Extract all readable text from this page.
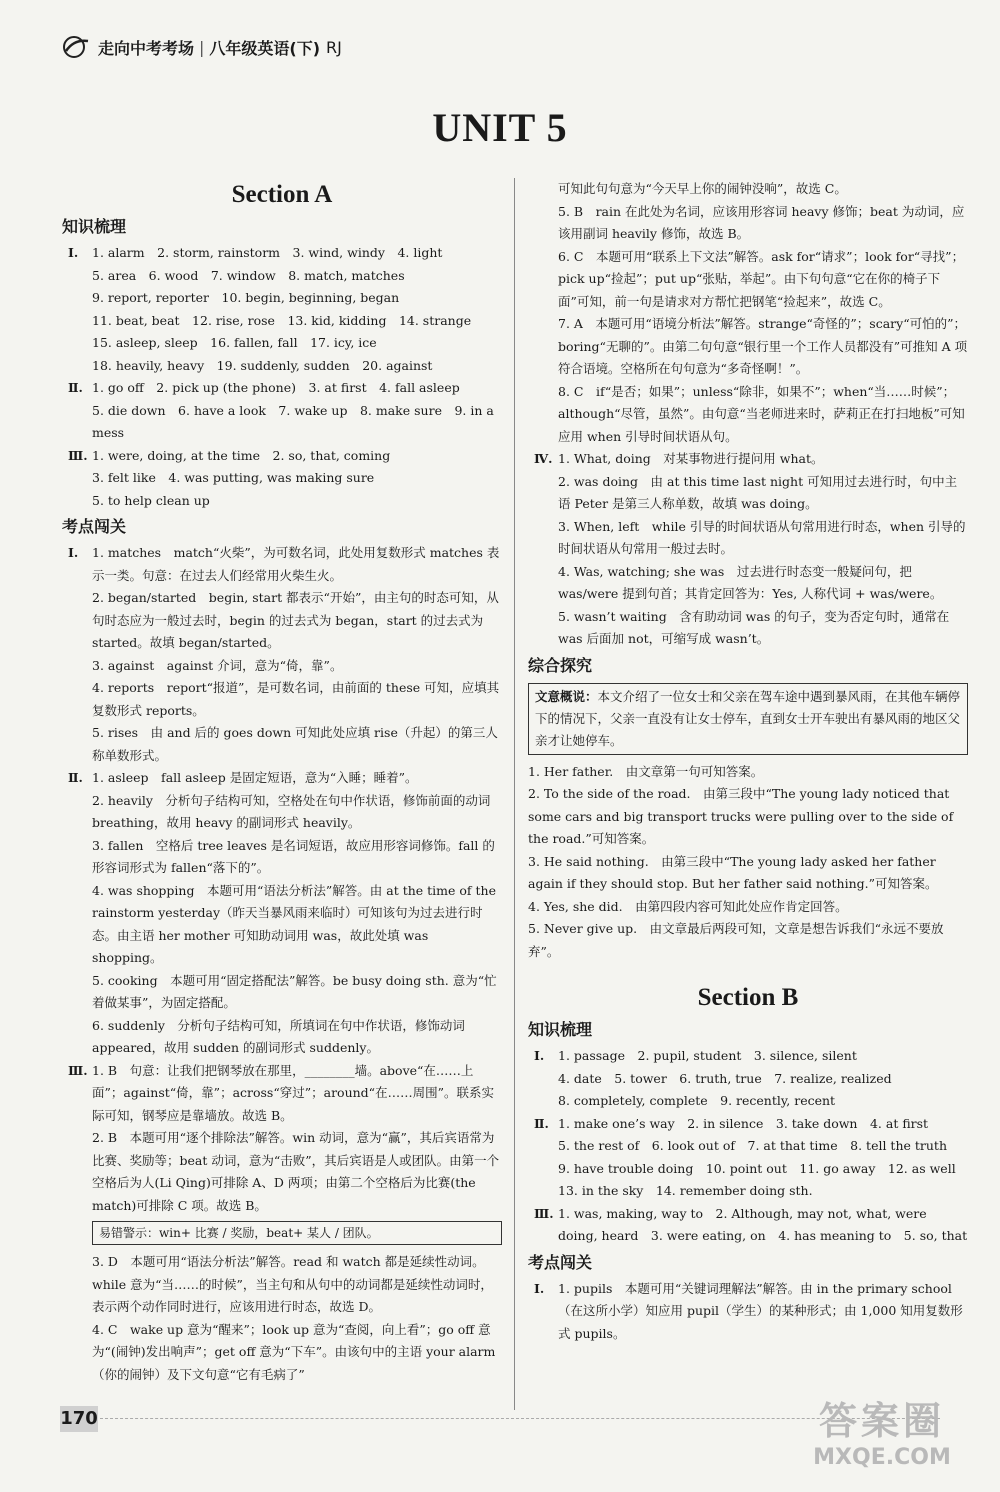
走向中考考场 | 八年级英语(下) RJ
UNIT 5
Section A
知识梳理
Ⅰ. 1. alarm　2. storm, rainstorm　3. wind, windy　4. light
5. area　6. wood　7. window　8. match, matches
9. report, reporter　10. begin, beginning, began
11. beat, beat　12. rise, rose　13. kid, kidding　14. strange
15. asleep, sleep　16. fallen, fall　17. icy, ice
18. heavily, heavy　19. suddenly, sudden　20. against
Ⅱ. 1. go off　2. pick up (the phone)　3. at first　4. fall asleep
5. die down　6. have a look　7. wake up　8. make sure　9. in a mess
Ⅲ. 1. were, doing, at the time　2. so, that, coming
3. felt like　4. was putting, was making sure
5. to help clean up
考点闯关
Ⅰ. 1. matches　match“火柴”，为可数名词，此处用复数形式 matches 表示一类。句意：在过去人们经常用火柴生火。
2. began/started　begin, start 都表示“开始”，由主句的时态可知，从句时态应为一般过去时，begin 的过去式为 began，start 的过去式为 started。故填 began/started。
3. against　against 介词，意为“倚，靠”。
4. reports　report“报道”，是可数名词，由前面的 these 可知，应填其复数形式 reports。
5. rises　由 and 后的 goes down 可知此处应填 rise（升起）的第三人称单数形式。
Ⅱ. 1. asleep　fall asleep 是固定短语，意为“入睡；睡着”。
2. heavily　分析句子结构可知，空格处在句中作状语，修饰前面的动词 breathing，故用 heavy 的副词形式 heavily。
3. fallen　空格后 tree leaves 是名词短语，故应用形容词修饰。fall 的形容词形式为 fallen“落下的”。
4. was shopping　本题可用“语法分析法”解答。由 at the time of the rainstorm yesterday（昨天当暴风雨来临时）可知该句为过去进行时态。由主语 her mother 可知助动词用 was，故此处填 was shopping。
5. cooking　本题可用“固定搭配法”解答。be busy doing sth. 意为“忙着做某事”，为固定搭配。
6. suddenly　分析句子结构可知，所填词在句中作状语，修饰动词 appeared，故用 sudden 的副词形式 suddenly。
Ⅲ. 1. B　句意：让我们把钢琴放在那里，________墙。above“在……上面”；against“倚，靠”；across“穿过”；around“在……周围”。联系实际可知，钢琴应是靠墙放。故选 B。
2. B　本题可用“逐个排除法”解答。win 动词，意为“赢”，其后宾语常为比赛、奖励等；beat 动词，意为“击败”，其后宾语是人或团队。由第一个空格后为人(Li Qing)可排除 A、D 两项；由第二个空格后为比赛(the match)可排除 C 项。故选 B。
易错警示：win+ 比赛 / 奖励，beat+ 某人 / 团队。
3. D　本题可用“语法分析法”解答。read 和 watch 都是延续性动词。while 意为“当……的时候”，当主句和从句中的动词都是延续性动词时，表示两个动作同时进行，应该用进行时态，故选 D。
4. C　wake up 意为“醒来”；look up 意为“查阅，向上看”；go off 意为“(闹钟)发出响声”；get off 意为“下车”。由该句中的主语 your alarm（你的闹钟）及下文句意“它有毛病了”
可知此句句意为“今天早上你的闹钟没响”，故选 C。
5. B　rain 在此处为名词，应该用形容词 heavy 修饰；beat 为动词，应该用副词 heavily 修饰，故选 B。
6. C　本题可用“联系上下文法”解答。ask for“请求”；look for“寻找”；pick up“捡起”；put up“张贴，举起”。由下句句意“它在你的椅子下面”可知，前一句是请求对方帮忙把钢笔“捡起来”，故选 C。
7. A　本题可用“语境分析法”解答。strange“奇怪的”；scary“可怕的”；boring“无聊的”。由第二句句意“银行里一个工作人员都没有”可推知 A 项符合语境。空格所在句句意为“多奇怪啊！”。
8. C　if“是否；如果”；unless“除非，如果不”；when“当……时候”；although“尽管，虽然”。由句意“当老师进来时，萨莉正在打扫地板”可知应用 when 引导时间状语从句。
Ⅳ. 1. What, doing　对某事物进行提问用 what。
2. was doing　由 at this time last night 可知用过去进行时，句中主语 Peter 是第三人称单数，故填 was doing。
3. When, left　while 引导的时间状语从句常用进行时态，when 引导的时间状语从句常用一般过去时。
4. Was, watching; she was　过去进行时态变一般疑问句，把 was/were 提到句首；其肯定回答为：Yes, 人称代词 + was/were。
5. wasn’t waiting　含有助动词 was 的句子，变为否定句时，通常在 was 后面加 not，可缩写成 wasn’t。
综合探究
文意概说：本文介绍了一位女士和父亲在驾车途中遇到暴风雨，在其他车辆停下的情况下，父亲一直没有让女士停车，直到女士开车驶出有暴风雨的地区父亲才让她停车。
1. Her father.　由文章第一句可知答案。
2. To the side of the road.　由第三段中“The young lady noticed that some cars and big transport trucks were pulling over to the side of the road.”可知答案。
3. He said nothing.　由第三段中“The young lady asked her father again if they should stop. But her father said nothing.”可知答案。
4. Yes, she did.　由第四段内容可知此处应作肯定回答。
5. Never give up.　由文章最后两段可知，文章是想告诉我们“永远不要放弃”。
Section B
知识梳理
Ⅰ. 1. passage　2. pupil, student　3. silence, silent
4. date　5. tower　6. truth, true　7. realize, realized
8. completely, complete　9. recently, recent
Ⅱ. 1. make one’s way　2. in silence　3. take down　4. at first
5. the rest of　6. look out of　7. at that time　8. tell the truth
9. have trouble doing　10. point out　11. go away　12. as well
13. in the sky　14. remember doing sth.
Ⅲ. 1. was, making, way to　2. Although, may not, what, were doing, heard　3. were eating, on　4. has meaning to　5. so, that
考点闯关
Ⅰ. 1. pupils　本题可用“关键词理解法”解答。由 in the primary school（在这所小学）知应用 pupil（学生）的某种形式；由 1,000 知用复数形式 pupils。
170	答案圈
MXQE.COM
